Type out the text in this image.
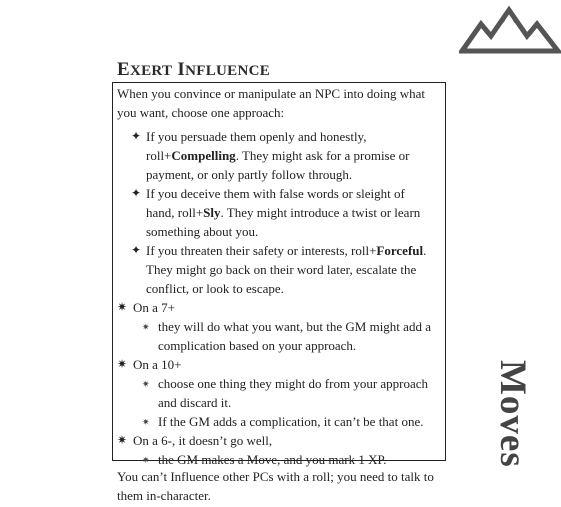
EXERT INFLUENCE
When you convince or manipulate an NPC into doing what
you want, choose one approach:
✦ If you persuade them openly and honestly,
roll+Compelling. They might ask for a promise or
payment, or only partly follow through.
✦ If you deceive them with false words or sleight of
hand, roll+Sly. They might introduce a twist or learn
something about you.
✦ If you threaten their safety or interests, roll+Forceful.
They might go back on their word later, escalate the
conflict, or look to escape.
✷ On a 7+
✷ they will do what you want, but the GM might add a
complication based on your approach.
✷ On a 10+
✷ choose one thing they might do from your approach
and discard it.
✷ If the GM adds a complication, it can’t be that one.
✷ On a 6-, it doesn’t go well,
✷ the GM makes a Move, and you mark 1 XP.
You can’t Influence other PCs with a roll; you need to talk to
them in-character.
Moves
